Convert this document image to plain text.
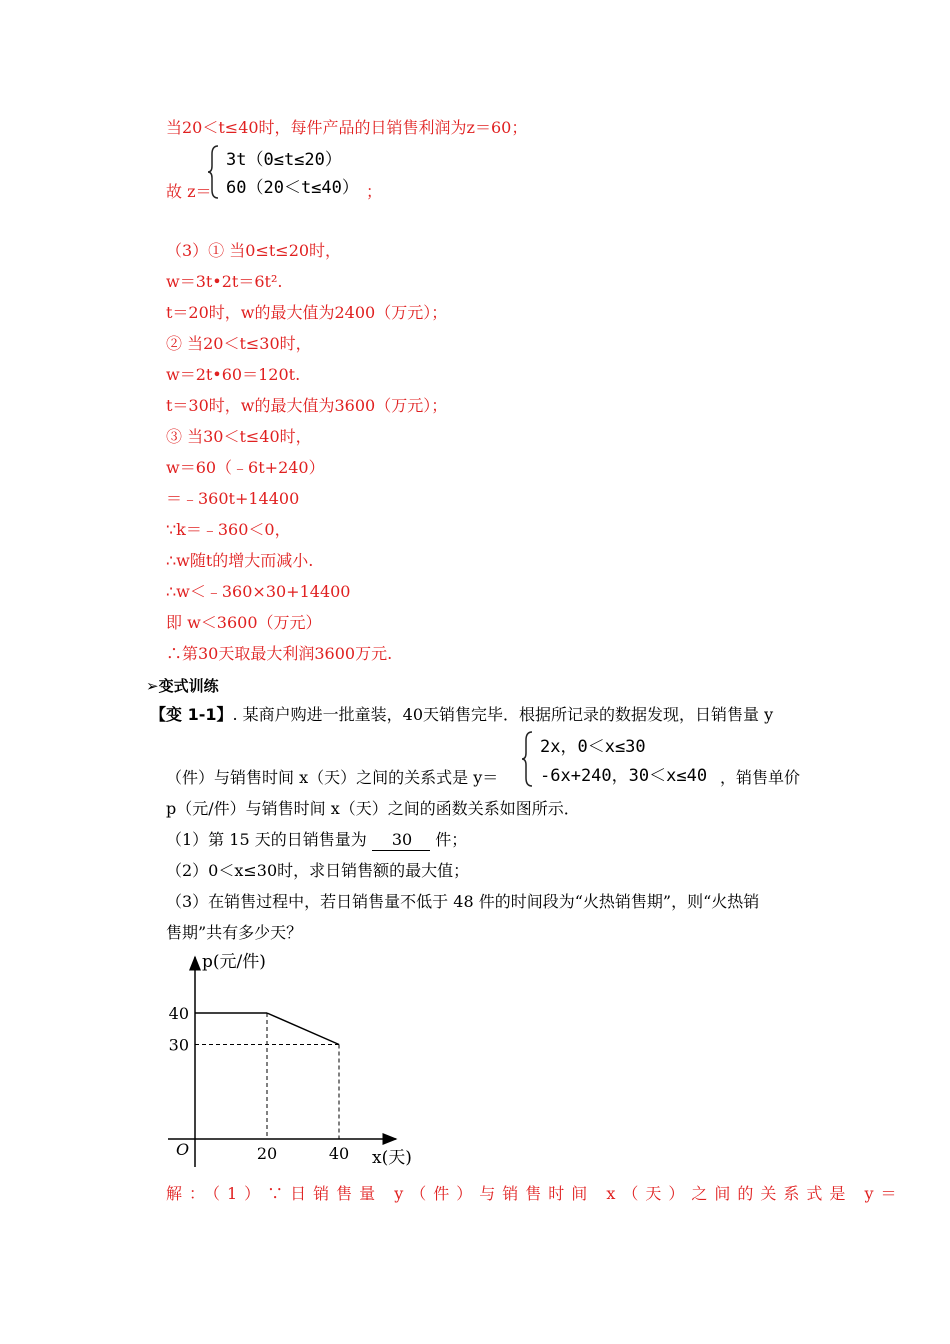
当20＜t≤40时，每件产品的日销售利润为z＝60；
故 z＝
3t（0≤t≤20）
60（20＜t≤40） ；
（3）① 当0≤t≤20时，
w＝3t•2t＝6t².
t＝20时，w的最大值为2400（万元）；
② 当20＜t≤30时，
w＝2t•60＝120t.
t＝30时，w的最大值为3600（万元）；
③ 当30＜t≤40时，
w＝60（﹣6t+240）
＝﹣360t+14400
∵k＝﹣360＜0，
∴w随t的增大而减小.
∴w＜﹣360×30+14400
即 w＜3600（万元）
∴第30天取最大利润3600万元.
➢变式训练
【变 1-1】. 某商户购进一批童装，40天销售完毕．根据所记录的数据发现，日销售量 y
（件）与销售时间 x（天）之间的关系式是 y＝
2x，0＜x≤30
-6x+240，30＜x≤40 ，销售单价
p（元/件）与销售时间 x（天）之间的函数关系如图所示．
（1）第 15 天的日销售量为 30 件；
（2）0＜x≤30时，求日销售额的最大值；
（3）在销售过程中，若日销售量不低于 48 件的时间段为“火热销售期”，则“火热销
售期”共有多少天？
20	40
40
30
p(元/件)
x(天)
O
解：（1）∵日销售量 y（件）与销售时间 x（天）之间的关系式是 y＝
